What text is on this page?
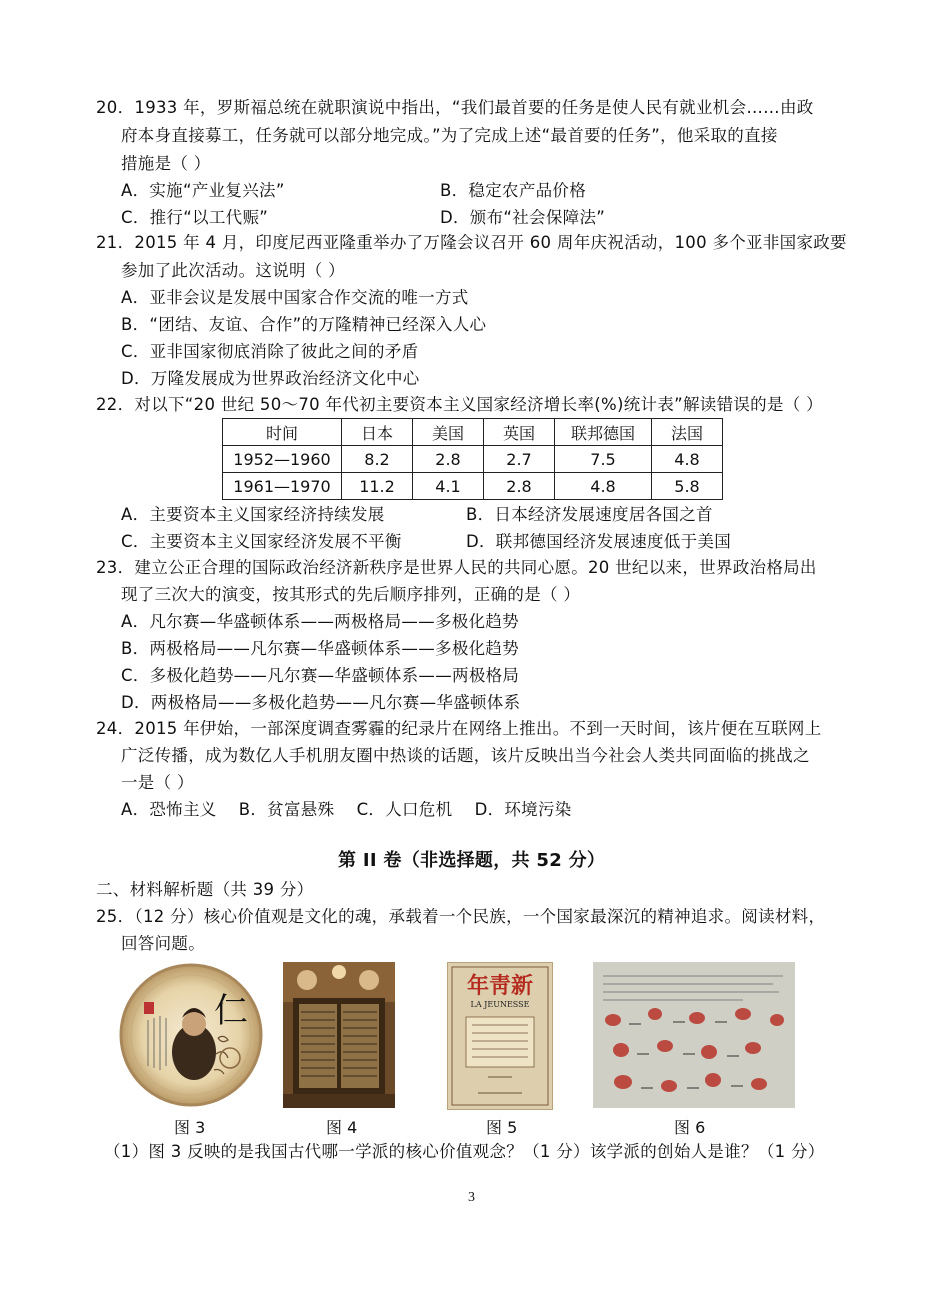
20．1933 年，罗斯福总统在就职演说中指出，“我们最首要的任务是使人民有就业机会……由政
府本身直接募工，任务就可以部分地完成。”为了完成上述“最首要的任务”，他采取的直接
措施是（ ）
A．实施“产业复兴法”	B．稳定农产品价格
C．推行“以工代赈”	D．颁布“社会保障法”
21．2015 年 4 月，印度尼西亚隆重举办了万隆会议召开 60 周年庆祝活动，100 多个亚非国家政要
参加了此次活动。这说明（ ）
A．亚非会议是发展中国家合作交流的唯一方式
B．“团结、友谊、合作”的万隆精神已经深入人心
C．亚非国家彻底消除了彼此之间的矛盾
D．万隆发展成为世界政治经济文化中心
22．对以下“20 世纪 50～70 年代初主要资本主义国家经济增长率(%)统计表”解读错误的是（ ）
时间	日本	美国	英国	联邦德国	法国
1952—1960	8.2	2.8	2.7	7.5	4.8
1961—1970	11.2	4.1	2.8	4.8	5.8
A．主要资本主义国家经济持续发展	B．日本经济发展速度居各国之首
C．主要资本主义国家经济发展不平衡	D．联邦德国经济发展速度低于美国
23．建立公正合理的国际政治经济新秩序是世界人民的共同心愿。20 世纪以来，世界政治格局出
现了三次大的演变，按其形式的先后顺序排列，正确的是（ ）
A．凡尔赛—华盛顿体系——两极格局——多极化趋势
B．两极格局——凡尔赛—华盛顿体系——多极化趋势
C．多极化趋势——凡尔赛—华盛顿体系——两极格局
D．两极格局——多极化趋势——凡尔赛—华盛顿体系
24．2015 年伊始，一部深度调查雾霾的纪录片在网络上推出。不到一天时间，该片便在互联网上
广泛传播，成为数亿人手机朋友圈中热谈的话题，该片反映出当今社会人类共同面临的挑战之
一是（ ）
A．恐怖主义    B．贫富悬殊    C．人口危机    D．环境污染
第 II 卷（非选择题，共 52 分）
二、材料解析题（共 39 分）
25．（12 分）核心价值观是文化的魂，承载着一个民族，一个国家最深沉的精神追求。阅读材料，
回答问题。
仁
年靑新
LA JEUNESSE
图 3	图 4	图 5	图 6
（1）图 3 反映的是我国古代哪一学派的核心价值观念？（1 分）该学派的创始人是谁？（1 分）
3
